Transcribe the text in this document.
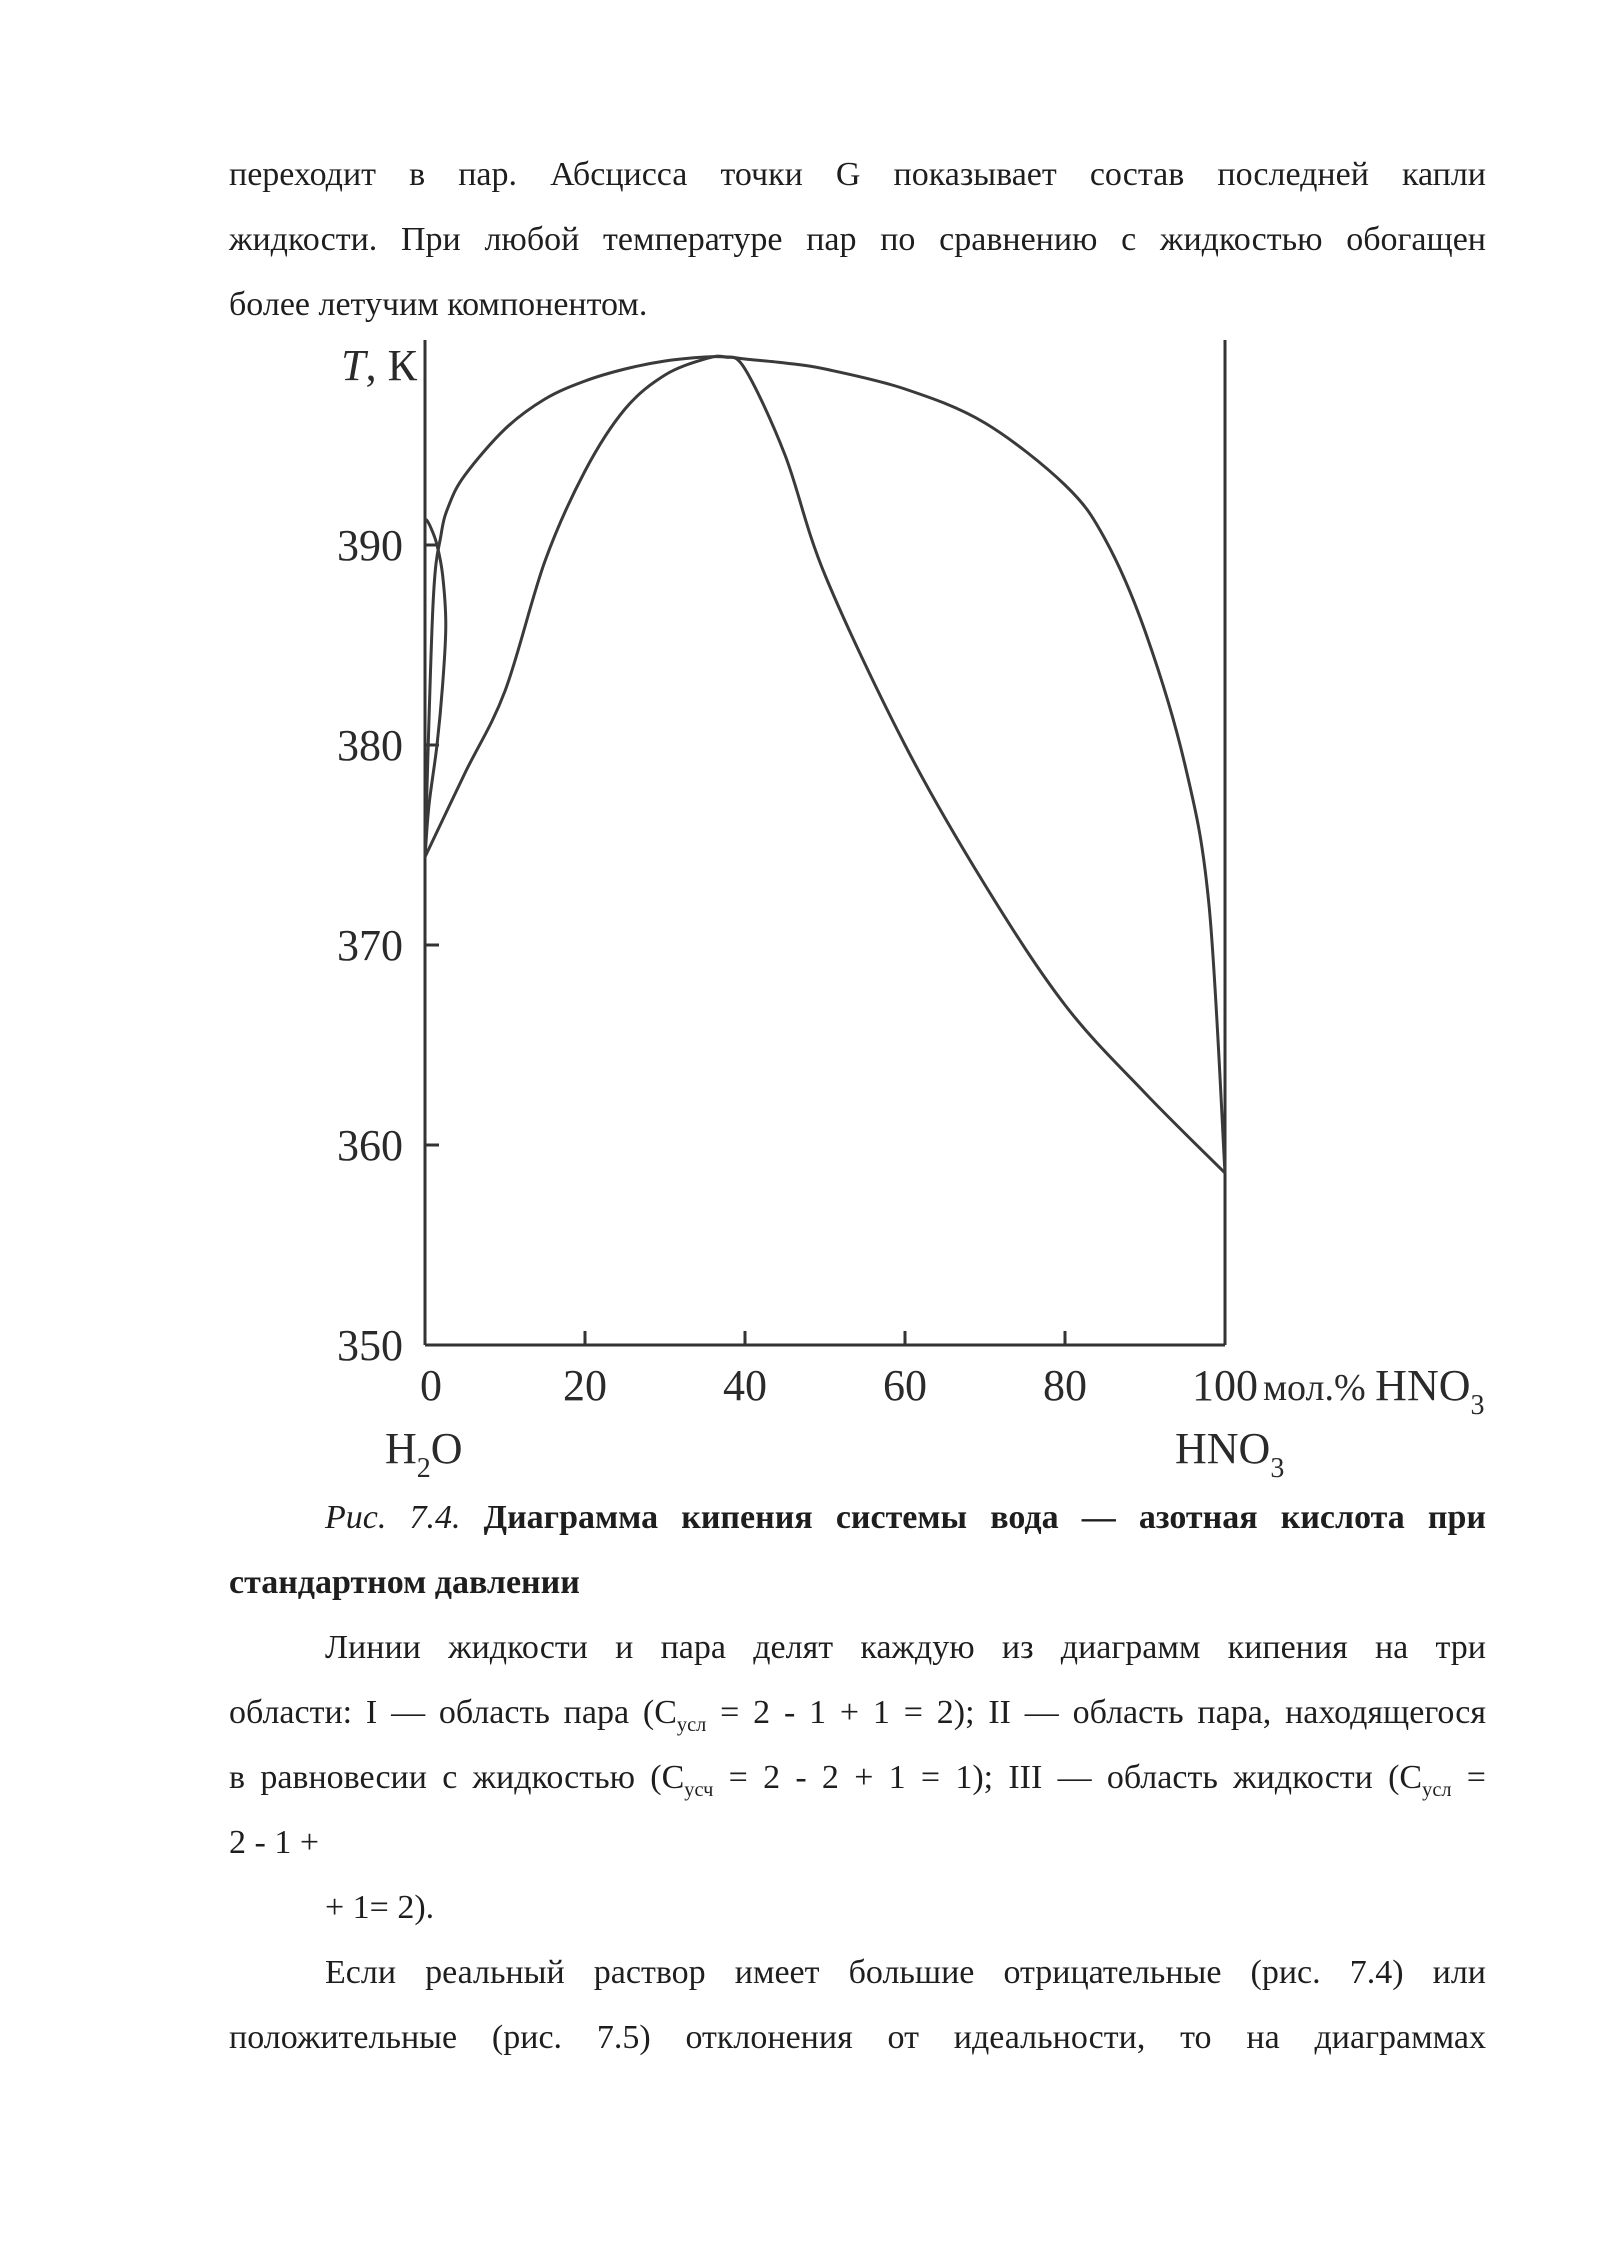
переходит в пар. Абсцисса точки G показывает состав последней капли
жидкости. При любой температуре пар по сравнению с жидкостью обогащен
более летучим компонентом.
350
360
370
380
390
0	20	40	60	80 100
T, К
мол.% $HNO_3$
$H_2O$	$HNO_3$
Рис. 7.4. Диаграмма кипения системы вода — азотная кислота при
стандартном давлении
Линии жидкости и пара делят каждую из диаграмм кипения на три
области: I — область пара $(С_{усл} = 2 - 1 + 1 = 2)$; II — область пара, находящегося
в равновесии с жидкостью $(С_{усч} = 2 - 2 + 1 = 1)$; III — область жидкости ($С_{усл}$ =
2 - 1 +
+ 1= 2).
Если реальный раствор имеет большие отрицательные (рис. 7.4) или
положительные (рис. 7.5) отклонения от идеальности, то на диаграммах
